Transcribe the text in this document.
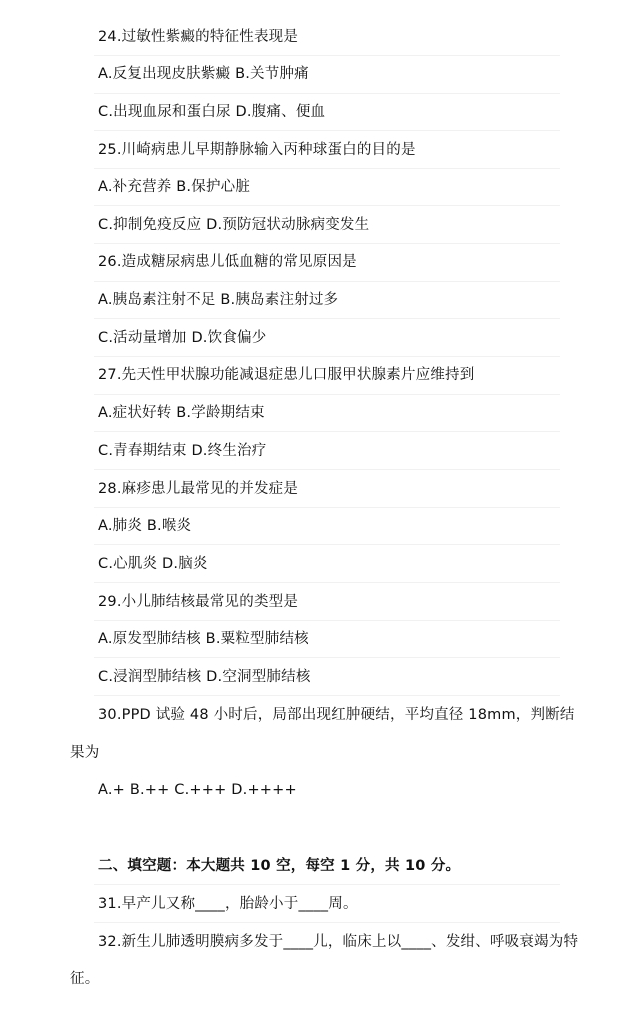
24.过敏性紫癜的特征性表现是
A.反复出现皮肤紫癜 B.关节肿痛
C.出现血尿和蛋白尿 D.腹痛、便血
25.川崎病患儿早期静脉输入丙种球蛋白的目的是
A.补充营养 B.保护心脏
C.抑制免疫反应 D.预防冠状动脉病变发生
26.造成糖尿病患儿低血糖的常见原因是
A.胰岛素注射不足 B.胰岛素注射过多
C.活动量增加 D.饮食偏少
27.先天性甲状腺功能减退症患儿口服甲状腺素片应维持到
A.症状好转 B.学龄期结束
C.青春期结束 D.终生治疗
28.麻疹患儿最常见的并发症是
A.肺炎 B.喉炎
C.心肌炎 D.脑炎
29.小儿肺结核最常见的类型是
A.原发型肺结核 B.粟粒型肺结核
C.浸润型肺结核 D.空洞型肺结核
30.PPD 试验 48 小时后，局部出现红肿硬结，平均直径 18mm，判断结
果为
A.+ B.++ C.+++ D.++++
二、填空题：本大题共 10 空，每空 1 分，共 10 分。
31.早产儿又称____，胎龄小于____周。
32.新生儿肺透明膜病多发于____儿，临床上以____、发绀、呼吸衰竭为特
征。
